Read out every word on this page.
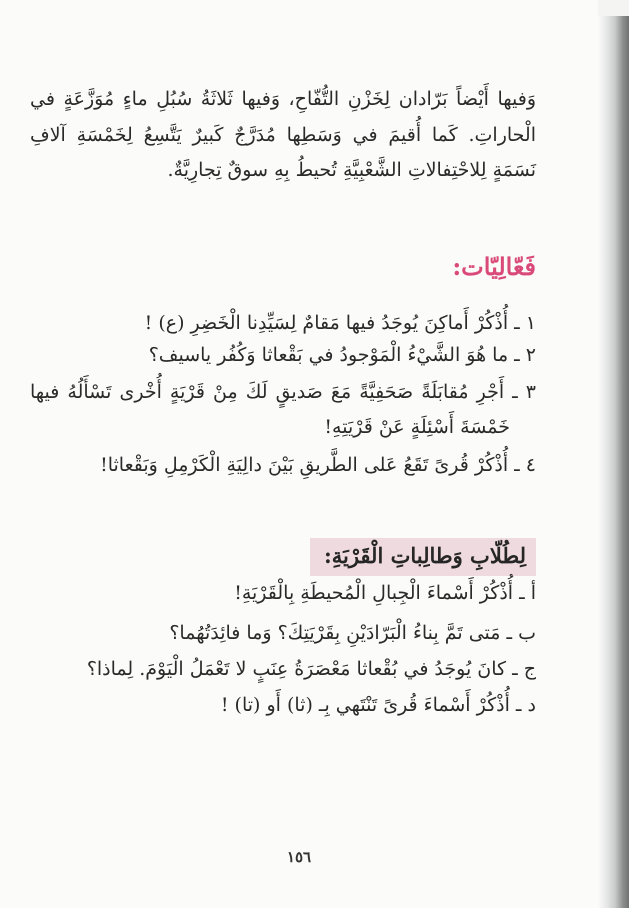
وَفيها أَيْضاً بَرّادان لِخَزْنِ التُّفّاحِ، وَفيها ثَلاثَةُ سُبُلِ ماءٍ مُوَزَّعَةٍ في
الْحاراتِ. كَما أُقيمَ في وَسَطِها مُدَرَّجٌ كَبيرٌ يَتَّسِعُ لِخَمْسَةِ آلافِ
نَسَمَةٍ لِلاحْتِفالاتِ الشَّعْبِيَّةِ تُحيطُ بِهِ سوقٌ تِجارِيَّةٌ.
فَعّالِيّات:
١ ـ أُذْكُرْ أَماكِنَ يُوجَدُ فيها مَقامٌ لِسَيِّدِنا الْخَضِرِ (ع) !
٢ ـ ما هُوَ الشَّيْءُ الْمَوْجودُ في بَقْعاثا وَكُفُر ياسيف؟
٣ ـ أَجْرِ مُقابَلَةً صَحَفِيَّةً مَعَ صَديقٍ لَكَ مِنْ قَرْيَةٍ أُخْرى تَسْأَلُهُ فيها
خَمْسَةَ أَسْئِلَةٍ عَنْ قَرْيَتِهِ!
٤ ـ أُذْكُرْ قُرىً تَقَعُ عَلى الطَّريقِ بَيْنَ دالِيَةِ الْكَرْمِلِ وَبَقْعاثا!
لِطُلّابِ وَطالِباتِ الْقَرْيَةِ:
أ ـ أُذْكُرْ أَسْماءَ الْجِبالِ الْمُحيطَةِ بِالْقَرْيَةِ!
ب ـ مَتى تَمَّ بِناءُ الْبَرّادَيْنِ بِقَرْيَتِكَ؟ وَما فائِدَتُهُما؟
ج ـ كانَ يُوجَدُ في بُقْعاثا مَعْصَرَةُ عِنَبٍ لا تَعْمَلُ الْيَوْمَ. لِماذا؟
د ـ أُذْكُرْ أَسْماءَ قُرىً تَنْتَهي بِـ (ثا) أَو (تا) !
١٥٦
